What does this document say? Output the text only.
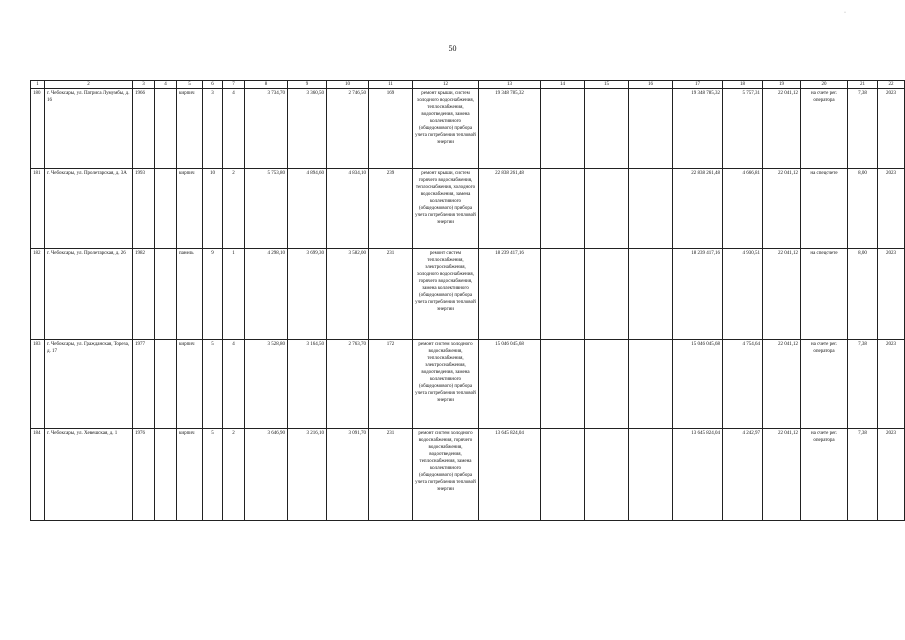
·
50
1	2	3	4	5	6	7	8	9	10	11	12	13	14	15	16	17	18	19	20	21	22
180	г. Чебоксары, ул. Патриса Лумумбы, д. 16	1966		кирпич	3	4	3 734,70	3 360,50	2 746,50	169	ремонт крыши, систем холодного водоснабжения, теплоснабжения, водоотведения, замена коллективного (общедомового) прибора учета потребления тепловой энергии	19 348 785,32				19 348 785,32	5 757,31	22 041,12	на счете рег. оператора	7,38	2023
181	г. Чебоксары, ул. Пролетарская, д. 3А	1993		кирпич	10	2	5 753,80	4 894,60	4 834,10	239	ремонт крыши, систем горячего водоснабжения, теплоснабжения, холодного водоснабжения, замена коллективного (общедомового) прибора учета потребления тепловой энергии	22 838 261,48				22 838 261,48	4 666,81	22 041,12	на спецсчете	8,00	2023
182	г. Чебоксары, ул. Пролетарская, д. 26	1982		панель	9	1	4 298,10	3 699,30	3 582,00	231	ремонт систем теплоснабжения, электроснабжения, холодного водоснабжения, горячего водоснабжения, замена коллективного (общедомового) прибора учета потребления тепловой энергии	18 239 417,16				18 239 417,16	4 930,51	22 041,12	на спецсчете	8,00	2023
183	г. Чебоксары, ул. Гражданская, Тореза, д. 17	1977		кирпич	5	4	3 528,80	3 164,50	2 763,70	172	ремонт систем холодного водоснабжения, теплоснабжения, электроснабжения, водоотведения, замена коллективного (общедомового) прибора учета потребления тепловой энергии	15 046 045,68				15 046 045,68	4 754,64	22 041,12	на счете рег. оператора	7,38	2023
184	г. Чебоксары, ул. Хевешская, д. 1	1976		кирпич	5	2	3 646,90	3 216,10	3 091,70	231	ремонт систем холодного водоснабжения, горячего водоснабжения, водоотведения, теплоснабжения, замена коллективного (общедомового) прибора учета потребления тепловой энергии	13 645 824,04				13 645 824,04	4 242,97	22 041,12	на счете рег. оператора	7,38	2023
